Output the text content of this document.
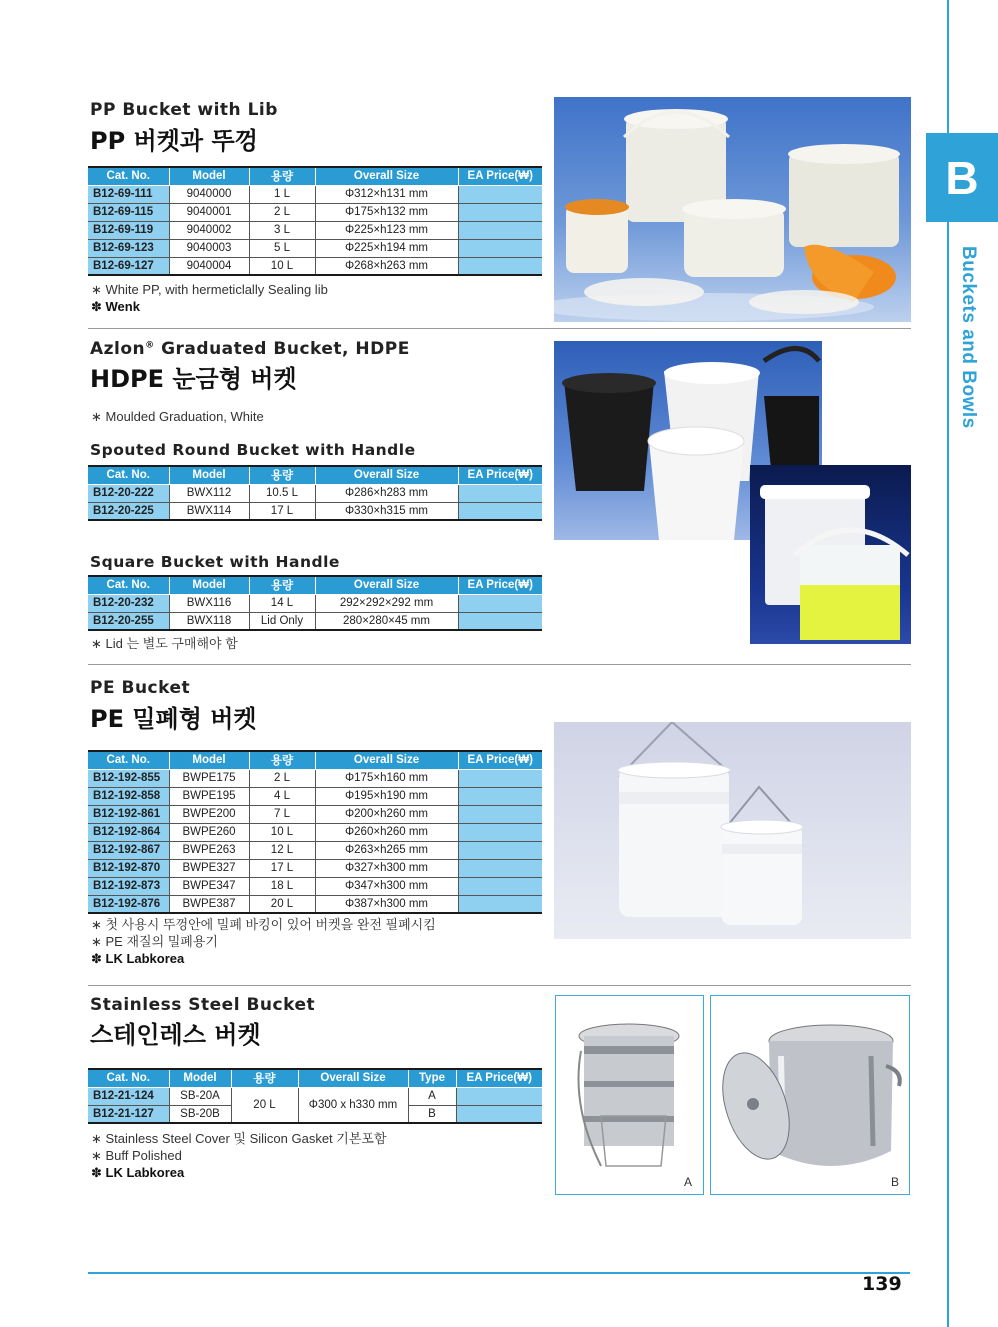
B
Buckets and Bowls
PP Bucket with Lib
PP 버켓과 뚜껑
Cat. No.	Model	용량	Overall Size	EA Price(₩)
B12-69-111	9040000	1 L	Φ312×h131 mm	
B12-69-115	9040001	2 L	Φ175×h132 mm	
B12-69-119	9040002	3 L	Φ225×h123 mm	
B12-69-123	9040003	5 L	Φ225×h194 mm	
B12-69-127	9040004	10 L	Φ268×h263 mm	
∗ White PP, with hermeticlally Sealing lib
✽ Wenk
Azlon® Graduated Bucket, HDPE
HDPE 눈금형 버켓
∗ Moulded Graduation, White
Spouted Round Bucket with Handle
Cat. No.	Model	용량	Overall Size	EA Price(₩)
B12-20-222	BWX112	10.5 L	Φ286×h283 mm	
B12-20-225	BWX114	17 L	Φ330×h315 mm	
Square Bucket with Handle
Cat. No.	Model	용량	Overall Size	EA Price(₩)
B12-20-232	BWX116	14 L	292×292×292 mm	
B12-20-255	BWX118	Lid Only	280×280×45 mm	
∗ Lid 는 별도 구매해야 함
PE Bucket
PE 밀폐형 버켓
Cat. No.	Model	용량	Overall Size	EA Price(₩)
B12-192-855	BWPE175	2 L	Φ175×h160 mm	
B12-192-858	BWPE195	4 L	Φ195×h190 mm	
B12-192-861	BWPE200	7 L	Φ200×h260 mm	
B12-192-864	BWPE260	10 L	Φ260×h260 mm	
B12-192-867	BWPE263	12 L	Φ263×h265 mm	
B12-192-870	BWPE327	17 L	Φ327×h300 mm	
B12-192-873	BWPE347	18 L	Φ347×h300 mm	
B12-192-876	BWPE387	20 L	Φ387×h300 mm	
∗ 첫 사용시 뚜껑안에 밀폐 바킹이 있어 버켓을 완전 필폐시킴
∗ PE 재질의 밀폐용기
✽ LK Labkorea
Stainless Steel Bucket
스테인레스 버켓
Cat. No.	Model	용량	Overall Size	Type	EA Price(₩)
B12-21-124	SB-20A	20 L	Φ300 x h330 mm	A	
B12-21-127	SB-20B			B	
∗ Stainless Steel Cover 및 Silicon Gasket 기본포함
∗ Buff Polished
✽ LK Labkorea
A	B
139
